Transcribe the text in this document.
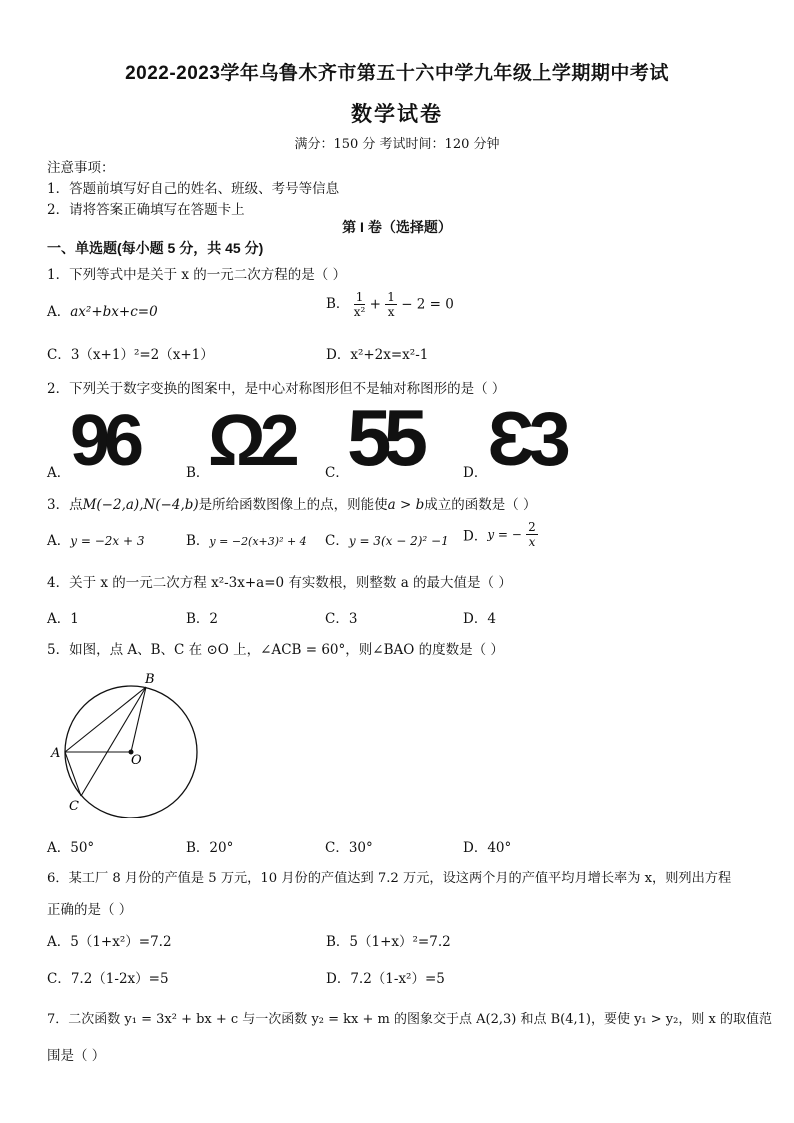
2022-2023学年乌鲁木齐市第五十六中学九年级上学期期中考试
数学试卷
满分：150 分 考试时间：120 分钟
注意事项：
1．答题前填写好自己的姓名、班级、考号等信息
2．请将答案正确填写在答题卡上
第 I 卷（选择题）
一、单选题(每小题 5 分，共 45 分)
1．下列等式中是关于 x 的一元二次方程的是（ ）
A．ax²+bx+c=0	B． $\frac{1}{\text{x²}} + \frac{1}{x} - 2 = 0$
C．3（x+1）²=2（x+1）	D．x²+2x=x²-1
2．下列关于数字变换的图案中，是中心对称图形但不是轴对称图形的是（ ）
A． 96	B．
Ω2 C．
55	D． Ɛ3
3．点M(−2,a),N(−4,b)是所给函数图像上的点，则能使a > b成立的函数是（ ）
A．y = −2x + 3	B．y = −2(x+3)² + 4 C．y = 3(x − 2)² −1 D．y = − $\frac{2}{x}$
4．关于 x 的一元二次方程 x²-3x+a=0 有实数根，则整数 a 的最大值是（ ）
A．1	B．2	C．3	D．4
5．如图，点 A、B、C 在 ⊙O 上，∠ACB = 60°，则∠BAO 的度数是（ ）
B
A	O
C
A．50°	B．20°	C．30°	D．40°
6．某工厂 8 月份的产值是 5 万元，10 月份的产值达到 7.2 万元，设这两个月的产值平均月增长率为 x，则列出方程
正确的是（ ）
A．5（1+x²）=7.2	B．5（1+x）²=7.2
C．7.2（1-2x）=5	D．7.2（1-x²）=5
7．二次函数 y₁ = 3x² + bx + c 与一次函数 y₂ = kx + m 的图象交于点 A(2,3) 和点 B(4,1)，要使 y₁ > y₂，则 x 的取值范
围是（ ）
